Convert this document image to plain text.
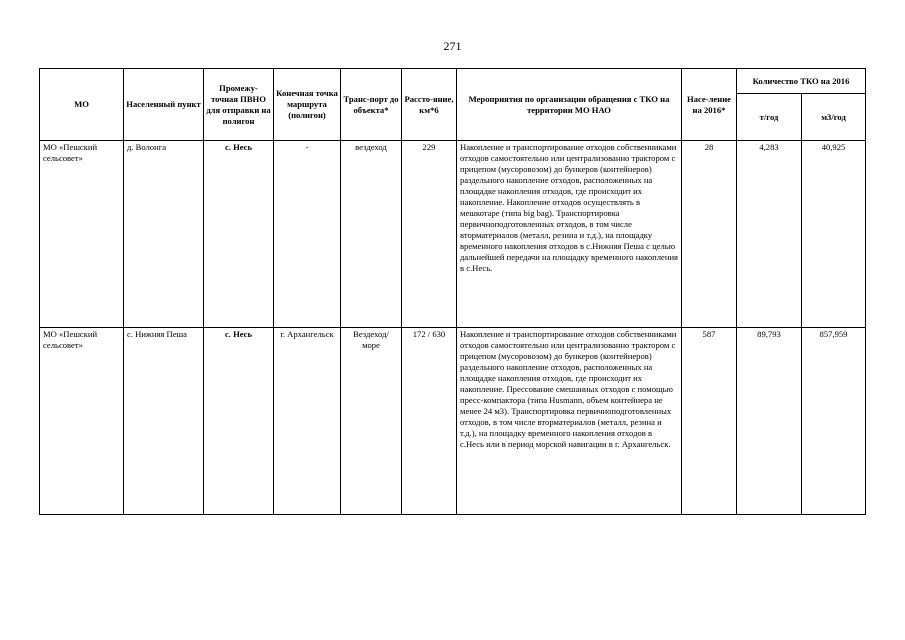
271
МО	Населенный пункт	Промежу-точная ПВНО для отправки на полигон	Конечная точка маршрута (полигон)	Транс-порт до объекта*	Рассто-яние, км*6	Мероприятия по организации обращения с ТКО на территории МО НАО	Насе-ление на 2016*	Количество ТКО на 2016	
								т/год	м3/год
МО «Пешский сельсовет»	д. Волонга	с. Несь	-	вездеход	229	Накопление и транспортирование отходов собственниками отходов самостоятельно или централизованно трактором с прицепом (мусоровозом) до бункеров (контейнеров) раздельного накопление отходов, расположенных на площадке накопления отходов, где происходит их накопление. Накопление отходов осуществлять в мешкотаре (типа big bag). Транспортировка первичноподготовленных отходов, в том числе вторматериалов (металл, резина и т.д.), на площадку временного накопления отходов в с.Нижняя Пеша с целью дальнейшей передачи на площадку временного накопления в с.Несь.	28	4,283	40,925
МО «Пешский сельсовет»	с. Нижняя Пеша	с. Несь	г. Архангельск	Вездеход/ море	172 / 630	Накопление и транспортирование отходов собственниками отходов самостоятельно или централизованно трактором с прицепом (мусоровозом) до бункеров (контейнеров) раздельного накопление отходов, расположенных на площадке накопления отходов, где происходит их накопление. Прессование смешанных отходов с помощью пресс-компактора (типа Husmann, объем контейнера не менее 24 м3). Транспортировка первичноподготовленных отходов, в том числе вторматериалов (металл, резина и т.д.), на площадку временного накопления отходов в с.Несь или в период морской навигации в г. Архангельск.	587	89,793	857,959
